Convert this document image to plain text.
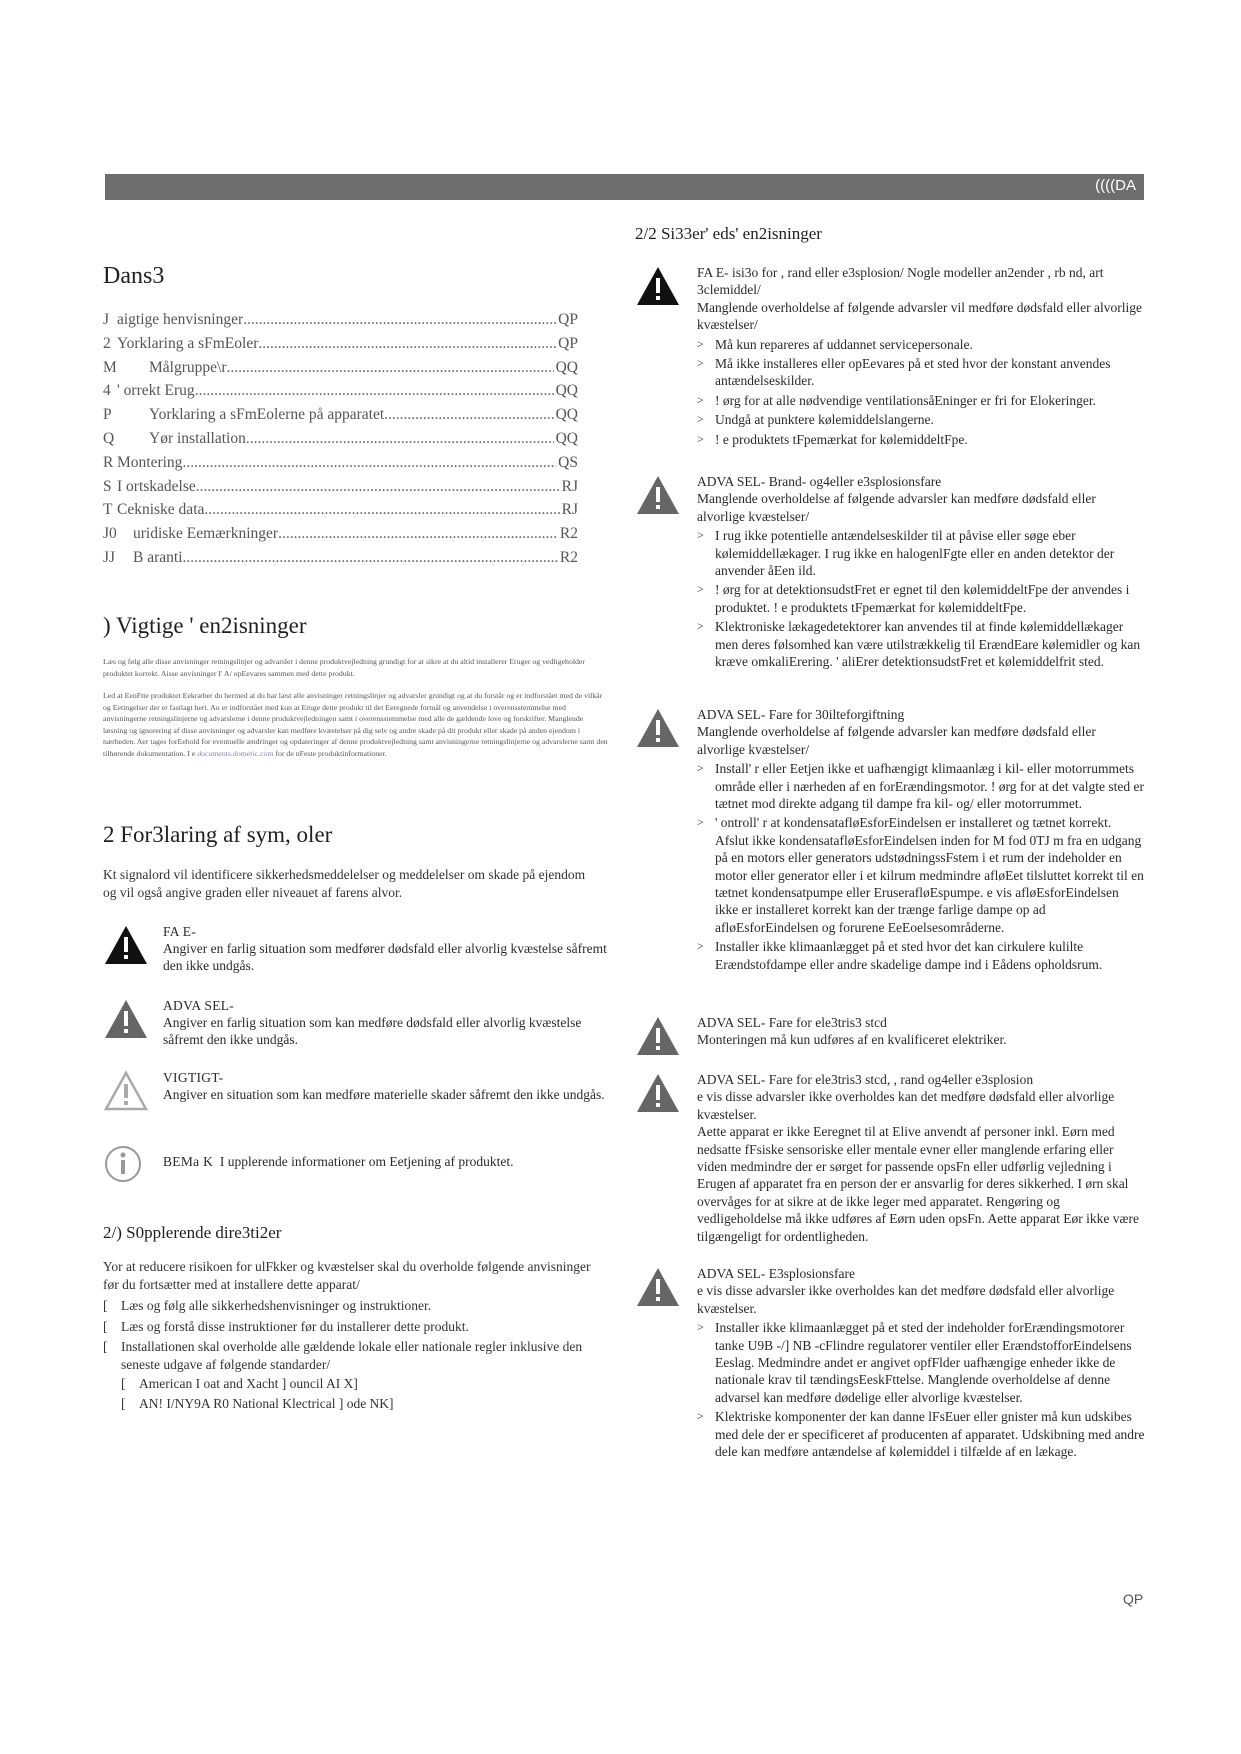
((((DA
Dans3
J aigtige henvisninger .....	QP
2 Yorklaring a sFmEoler .....	QP
M	Målgruppe\r .....	QQ
4 ' orrekt Erug .....	QQ
P	Yorklaring a sFmEolerne på apparatet .....	QQ
Q	Yør installation .....	QQ
R Montering .....	QS
S I ortskadelse .....	RJ
T Cekniske data .....	RJ
J0	uridiske Eemærkninger .....	R2
JJ	B aranti .....	R2
) Vigtige ' en2isninger
Læs og følg alle disse anvisninger retningslinjer og advarsler i denne produktvejledning grundigt for at sikre at du altid installerer Eruger og vedligeholder produktet korrekt. Aisse anvisninger I' A/ opEevares sammen med dette produkt.
Led at EenFtte produktet Eekræber du hermed at du har læst alle anvisninger retningslinjer og advarsler grundigt og at du forstår og er indforstået med de vilkår og Eetingelser der er fastlagt heri. Au er indforstået med kun at Eruge dette produkt til det Eeregnede formål og anvendelse i overensstemmelse med anvisningerne retningslinjerne og advarslerne i denne produktvejledningen samt i overensstemmelse med alle de gældende love og forskrifter. Manglende læsning og ignorering af disse anvisninger og advarsler kan medføre kvæstelser på dig selv og andre skade på dit produkt eller skade på anden ejendom i nærheden. Aer tages forEehold for eventuelle ændringer og opdateringer af denne produktvejledning samt anvisningerne retningslinjerne og advarslerne samt den tilhørende dokumentation. I e documents.dometic.com for de nFeste produktinformationer.
2 For3laring af sym, oler
Kt signalord vil identificere sikkerhedsmeddelelser og meddelelser om skade på ejendom og vil også angive graden eller niveauet af farens alvor.
FA E-
Angiver en farlig situation som medfører dødsfald eller alvorlig kvæstelse såfremt den ikke undgås.
ADVA SEL-
Angiver en farlig situation som kan medføre dødsfald eller alvorlig kvæstelse såfremt den ikke undgås.
VIGTIGT-
Angiver en situation som kan medføre materielle skader såfremt den ikke undgås.
BEMa K I upplerende informationer om Eetjening af produktet.
2/) S0pplerende dire3ti2er
Yor at reducere risikoen for ulFkker og kvæstelser skal du overholde følgende anvisninger før du fortsætter med at installere dette apparat/
[ Læs og følg alle sikkerhedshenvisninger og instruktioner.
[ Læs og forstå disse instruktioner før du installerer dette produkt.
[ Installationen skal overholde alle gældende lokale eller nationale regler inklusive den seneste udgave af følgende standarder/
[ American I oat and Xacht ] ouncil AI X]
[ AN! I/NY9A R0 National Klectrical ] ode NK]
2/2 Si33er' eds' en2isninger
FA E- isi3o for , rand eller e3splosion/ Nogle modeller an2ender , rb nd, art 3clemiddel/
Manglende overholdelse af følgende advarsler vil medføre dødsfald eller alvorlige kvæstelser/
> Må kun repareres af uddannet servicepersonale.
> Må ikke installeres eller opEevares på et sted hvor der konstant anvendes antændelseskilder.
> ! ørg for at alle nødvendige ventilationsåEninger er fri for Elokeringer.
> Undgå at punktere kølemiddelslangerne.
> ! e produktets tFpemærkat for kølemiddeltFpe.
ADVA SEL- Brand- og4eller e3splosionsfare
Manglende overholdelse af følgende advarsler kan medføre dødsfald eller alvorlige kvæstelser/
> I rug ikke potentielle antændelseskilder til at påvise eller søge eber kølemiddellækager. I rug ikke en halogenlFgte eller en anden detektor der anvender åEen ild.
> ! ørg for at detektionsudstFret er egnet til den kølemiddeltFpe der anvendes i produktet. ! e produktets tFpemærkat for kølemiddeltFpe.
> Klektroniske lækagedetektorer kan anvendes til at finde kølemiddellækager men deres følsomhed kan være utilstrækkelig til ErændEare kølemidler og kan kræve omkaliErering. ' aliErer detektionsudstFret et kølemiddelfrit sted.
ADVA SEL- Fare for 30ilteforgiftning
Manglende overholdelse af følgende advarsler kan medføre dødsfald eller alvorlige kvæstelser/
> Install' r eller Eetjen ikke et uafhængigt klimaanlæg i kil- eller motorrummets område eller i nærheden af en forErændingsmotor. ! ørg for at det valgte sted er tætnet mod direkte adgang til dampe fra kil- og/ eller motorrummet.
> ' ontroll' r at kondensatafløEsforEindelsen er installeret og tætnet korrekt. Afslut ikke kondensatafløEsforEindelsen inden for M fod 0TJ m fra en udgang på en motors eller generators udstødningssFstem i et rum der indeholder en motor eller generator eller i et kilrum medmindre afløEet tilsluttet korrekt til en tætnet kondensatpumpe eller EruserafløEspumpe. e vis afløEsforEindelsen ikke er installeret korrekt kan der trænge farlige dampe op ad afløEsforEindelsen og forurene EeEoelsesområderne.
> Installer ikke klimaanlægget på et sted hvor det kan cirkulere kulilte Erændstofdampe eller andre skadelige dampe ind i Eådens opholdsrum.
ADVA SEL- Fare for ele3tris3 stcd
Monteringen må kun udføres af en kvalificeret elektriker.
ADVA SEL- Fare for ele3tris3 stcd, , rand og4eller e3splosion
e vis disse advarsler ikke overholdes kan det medføre dødsfald eller alvorlige kvæstelser.
Aette apparat er ikke Eeregnet til at Elive anvendt af personer inkl. Eørn med nedsatte fFsiske sensoriske eller mentale evner eller manglende erfaring eller viden medmindre der er sørget for passende opsFn eller udførlig vejledning i Erugen af apparatet fra en person der er ansvarlig for deres sikkerhed. I ørn skal overvåges for at sikre at de ikke leger med apparatet. Rengøring og vedligeholdelse må ikke udføres af Eørn uden opsFn. Aette apparat Eør ikke være tilgængeligt for ordentligheden.
ADVA SEL- E3splosionsfare
e vis disse advarsler ikke overholdes kan det medføre dødsfald eller alvorlige kvæstelser.
> Installer ikke klimaanlægget på et sted der indeholder forErændingsmotorer tanke U9B -/] NB -cFlindre regulatorer ventiler eller ErændstofforEindelsens Eeslag. Medmindre andet er angivet opfFlder uafhængige enheder ikke de nationale krav til tændingsEeskFttelse. Manglende overholdelse af denne advarsel kan medføre dødelige eller alvorlige kvæstelser.
> Klektriske komponenter der kan danne lFsEuer eller gnister må kun udskibes med dele der er specificeret af producenten af apparatet. Udskibning med andre dele kan medføre antændelse af kølemiddel i tilfælde af en lækage.
QP
